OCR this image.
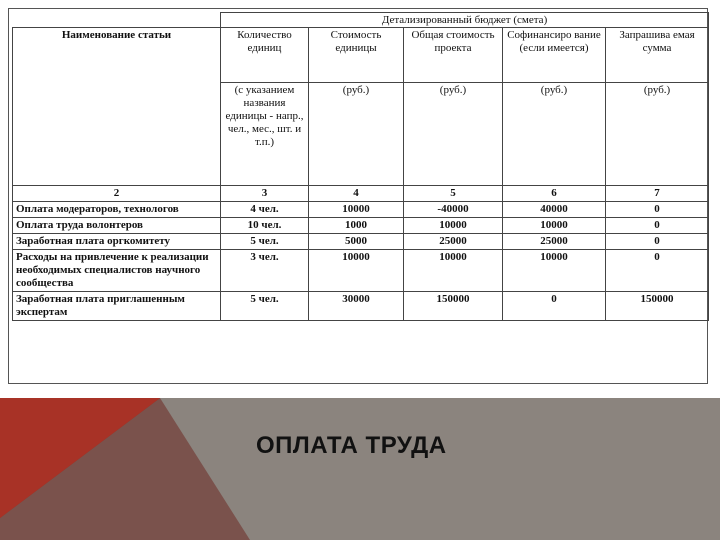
	Детализированный бюджет (смета)				
Наименование статьи	Количество единиц	Стоимость единицы	Общая стоимость проекта	Софинансиро вание (если имеется)	Запрашива емая сумма
	(с указанием названия единицы - напр., чел., мес., шт. и т.п.)	(руб.)	(руб.)	(руб.)	(руб.)
2	3	4	5	6	7
Оплата модераторов, технологов	4 чел.	10000	-40000	40000	0
Оплата труда волонтеров	10 чел.	1000	10000	10000	0
Заработная плата оргкомитету	5 чел.	5000	25000	25000	0
Расходы на привлечение к реализации необходимых специалистов научного сообщества	3 чел.	10000	10000	10000	0
Заработная плата приглашенным экспертам	5 чел.	30000	150000	0	150000
ОПЛАТА ТРУДА
